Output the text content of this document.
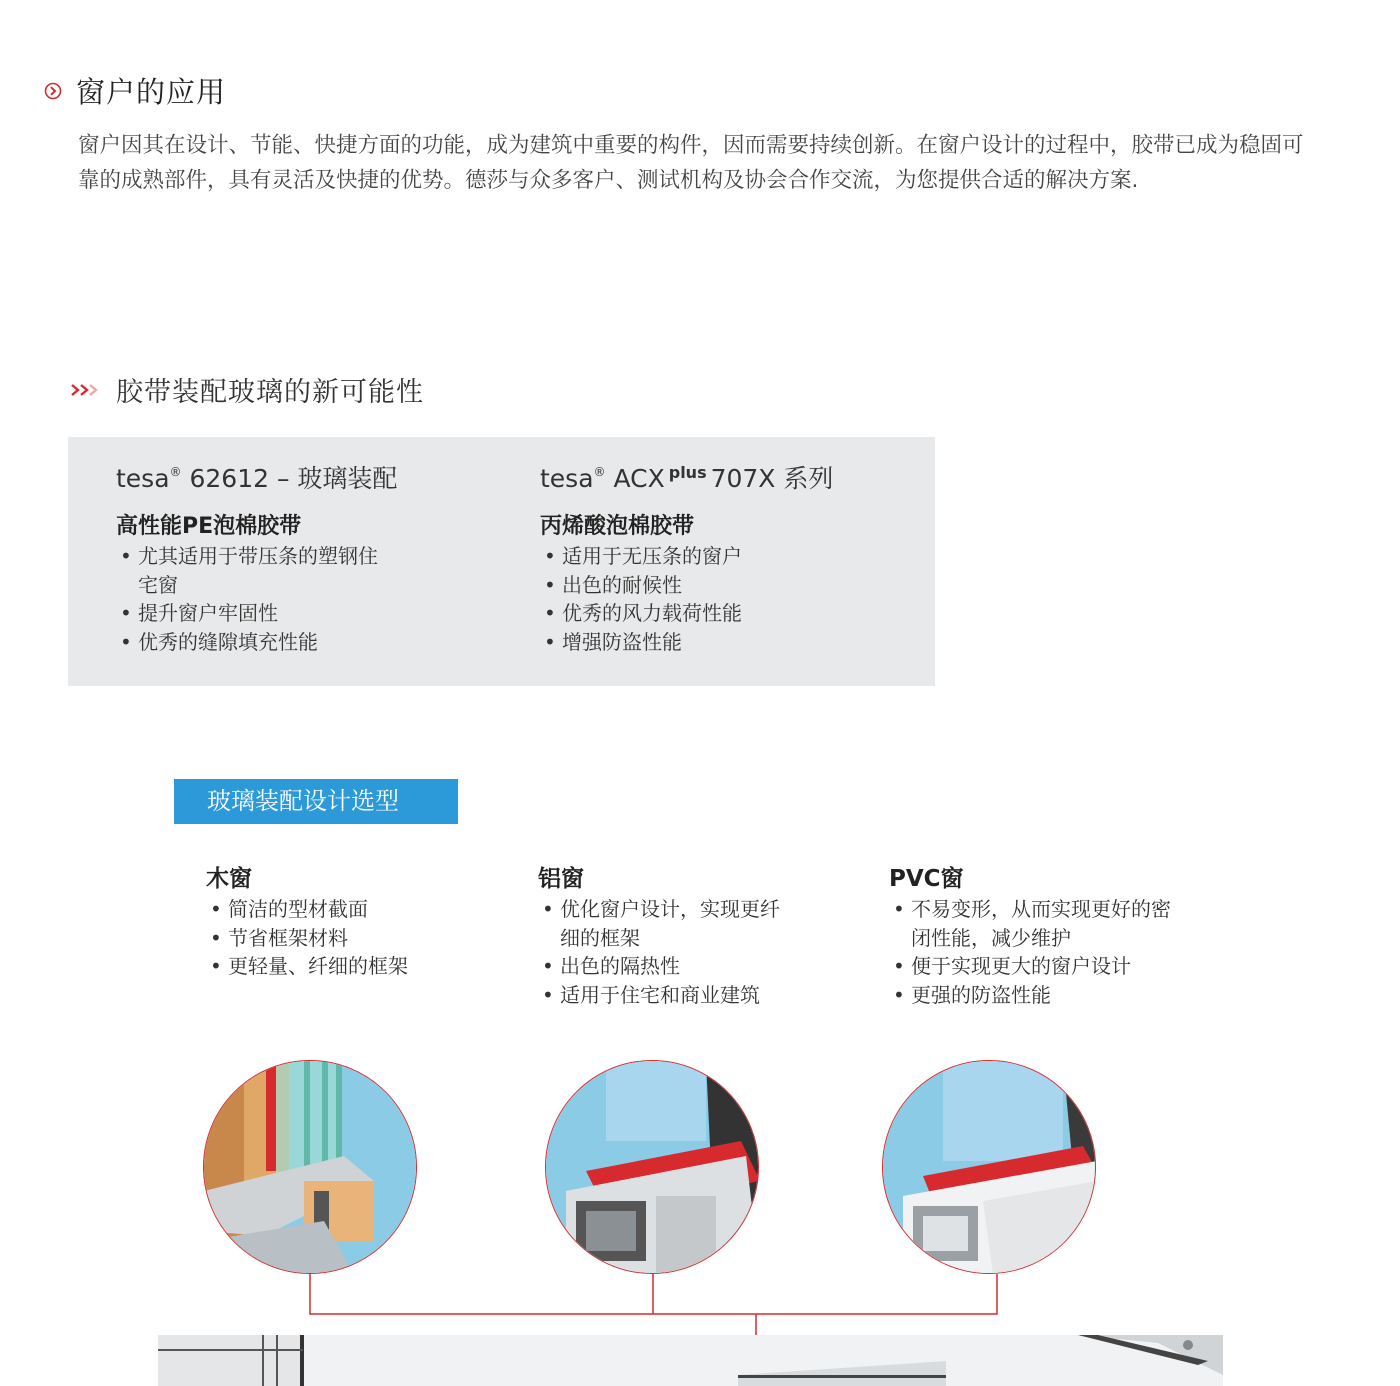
窗户的应用

窗户因其在设计、节能、快捷方面的功能，成为建筑中重要的构件，因而需要持续创新。在窗户设计的过程中，胶带已成为稳固可靠的成熟部件，具有灵活及快捷的优势。德莎与众多客户、测试机构及协会合作交流，为您提供合适的解决方案.

胶带装配玻璃的新可能性
tesa® 62612 – 玻璃装配
高性能PE泡棉胶带
• 尤其适用于带压条的塑钢住宅窗
• 提升窗户牢固性
• 优秀的缝隙填充性能
tesa® ACX $^{plus}$ 707X 系列
丙烯酸泡棉胶带
• 适用于无压条的窗户
• 出色的耐候性
• 优秀的风力载荷性能
• 增强防盗性能
玻璃装配设计选型
木窗
• 简洁的型材截面
• 节省框架材料
• 更轻量、纤细的框架
铝窗
• 优化窗户设计，实现更纤细的框架
• 出色的隔热性
• 适用于住宅和商业建筑
PVC窗
• 不易变形，从而实现更好的密闭性能，减少维护
• 便于实现更大的窗户设计
• 更强的防盗性能
